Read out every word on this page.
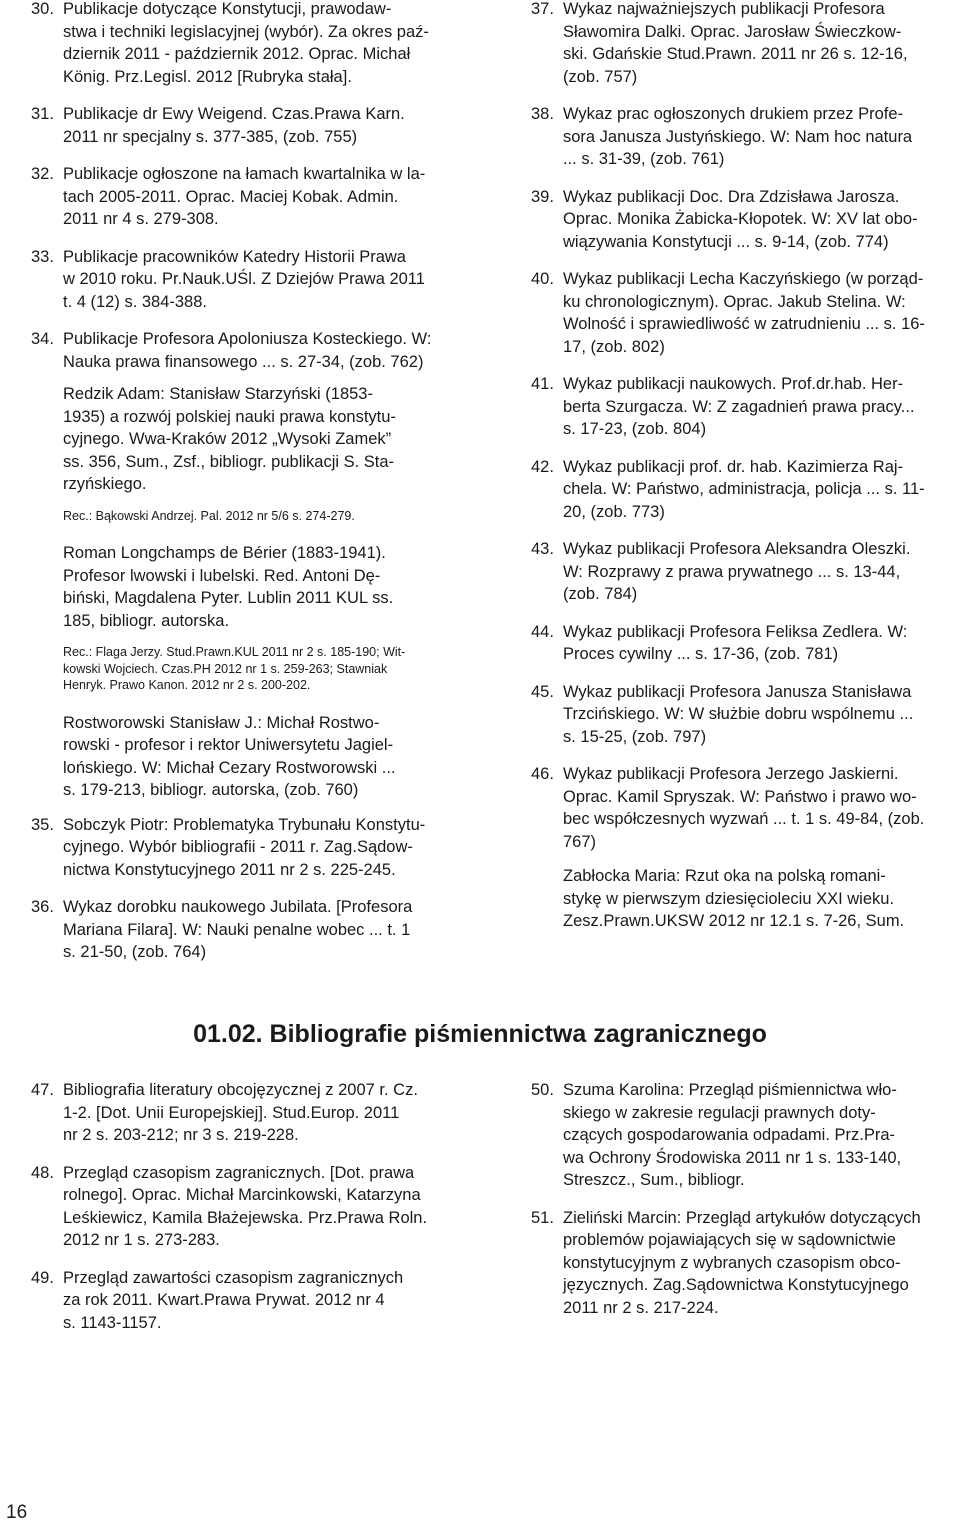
30. Publikacje dotyczące Konstytucji, prawodaw-
stwa i techniki legislacyjnej (wybór). Za okres paź-
dziernik 2011 - październik 2012. Oprac. Michał
König. Prz.Legisl. 2012 [Rubryka stała].
31. Publikacje dr Ewy Weigend. Czas.Prawa Karn.
2011 nr specjalny s. 377-385, (zob. 755)
32. Publikacje ogłoszone na łamach kwartalnika w la-
tach 2005-2011. Oprac. Maciej Kobak. Admin.
2011 nr 4 s. 279-308.
33. Publikacje pracowników Katedry Historii Prawa
w 2010 roku. Pr.Nauk.UŚl. Z Dziejów Prawa 2011
t. 4 (12) s. 384-388.
34. Publikacje Profesora Apoloniusza Kosteckiego. W:
Nauka prawa finansowego ... s. 27-34, (zob. 762)
Redzik Adam: Stanisław Starzyński (1853-
1935) a rozwój polskiej nauki prawa konstytu-
cyjnego. Wwa-Kraków 2012 „Wysoki Zamek”
ss. 356, Sum., Zsf., bibliogr. publikacji S. Sta-
rzyńskiego.
Rec.: Bąkowski Andrzej. Pal. 2012 nr 5/6 s. 274-279.
Roman Longchamps de Bérier (1883-1941).
Profesor lwowski i lubelski. Red. Antoni Dę-
biński, Magdalena Pyter. Lublin 2011 KUL ss.
185, bibliogr. autorska.
Rec.: Flaga Jerzy. Stud.Prawn.KUL 2011 nr 2 s. 185-190; Wit-
kowski Wojciech. Czas.PH 2012 nr 1 s. 259-263; Stawniak
Henryk. Prawo Kanon. 2012 nr 2 s. 200-202.
Rostworowski Stanisław J.: Michał Rostwo-
rowski - profesor i rektor Uniwersytetu Jagiel-
lońskiego. W: Michał Cezary Rostworowski ...
s. 179-213, bibliogr. autorska, (zob. 760)
35. Sobczyk Piotr: Problematyka Trybunału Konstytu-
cyjnego. Wybór bibliografii - 2011 r. Zag.Sądow-
nictwa Konstytucyjnego 2011 nr 2 s. 225-245.
36. Wykaz dorobku naukowego Jubilata. [Profesora
Mariana Filara]. W: Nauki penalne wobec ... t. 1
s. 21-50, (zob. 764)
37. Wykaz najważniejszych publikacji Profesora
Sławomira Dalki. Oprac. Jarosław Świeczkow-
ski. Gdańskie Stud.Prawn. 2011 nr 26 s. 12-16,
(zob. 757)
38. Wykaz prac ogłoszonych drukiem przez Profe-
sora Janusza Justyńskiego. W: Nam hoc natura
... s. 31-39, (zob. 761)
39. Wykaz publikacji Doc. Dra Zdzisława Jarosza.
Oprac. Monika Żabicka-Kłopotek. W: XV lat obo-
wiązywania Konstytucji ... s. 9-14, (zob. 774)
40. Wykaz publikacji Lecha Kaczyńskiego (w porząd-
ku chronologicznym). Oprac. Jakub Stelina. W:
Wolność i sprawiedliwość w zatrudnieniu ... s. 16-
17, (zob. 802)
41. Wykaz publikacji naukowych. Prof.dr.hab. Her-
berta Szurgacza. W: Z zagadnień prawa pracy...
s. 17-23, (zob. 804)
42. Wykaz publikacji prof. dr. hab. Kazimierza Raj-
chela. W: Państwo, administracja, policja ... s. 11-
20, (zob. 773)
43. Wykaz publikacji Profesora Aleksandra Oleszki.
W: Rozprawy z prawa prywatnego ... s. 13-44,
(zob. 784)
44. Wykaz publikacji Profesora Feliksa Zedlera. W:
Proces cywilny ... s. 17-36, (zob. 781)
45. Wykaz publikacji Profesora Janusza Stanisława
Trzcińskiego. W: W służbie dobru wspólnemu ...
s. 15-25, (zob. 797)
46. Wykaz publikacji Profesora Jerzego Jaskierni.
Oprac. Kamil Spryszak. W: Państwo i prawo wo-
bec współczesnych wyzwań ... t. 1 s. 49-84, (zob.
767)
Zabłocka Maria: Rzut oka na polską romani-
stykę w pierwszym dziesięcioleciu XXI wieku.
Zesz.Prawn.UKSW 2012 nr 12.1 s. 7-26, Sum.
01.02. Bibliografie piśmiennictwa zagranicznego
47. Bibliografia literatury obcojęzycznej z 2007 r. Cz.
1-2. [Dot. Unii Europejskiej]. Stud.Europ. 2011
nr 2 s. 203-212; nr 3 s. 219-228.
48. Przegląd czasopism zagranicznych. [Dot. prawa
rolnego]. Oprac. Michał Marcinkowski, Katarzyna
Leśkiewicz, Kamila Błażejewska. Prz.Prawa Roln.
2012 nr 1 s. 273-283.
49. Przegląd zawartości czasopism zagranicznych
za rok 2011. Kwart.Prawa Prywat. 2012 nr 4
s. 1143-1157.
50. Szuma Karolina: Przegląd piśmiennictwa wło-
skiego w zakresie regulacji prawnych doty-
czących gospodarowania odpadami. Prz.Pra-
wa Ochrony Środowiska 2011 nr 1 s. 133-140,
Streszcz., Sum., bibliogr.
51. Zieliński Marcin: Przegląd artykułów dotyczących
problemów pojawiających się w sądownictwie
konstytucyjnym z wybranych czasopism obco-
języcznych. Zag.Sądownictwa Konstytucyjnego
2011 nr 2 s. 217-224.
16
